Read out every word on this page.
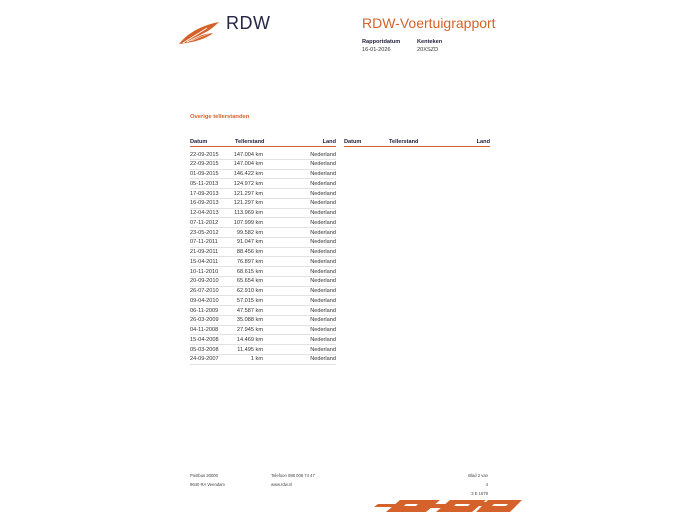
RDW	RDW-Voertuigrapport
Rapportdatum
16-01-2026
Kenteken
20XSZD
Overige tellerstanden
Datum	Tellerstand	Land
22-09-2015	147.004 km	Nederland
22-09-2015	147.004 km	Nederland
01-09-2015	146.422 km	Nederland
05-11-2013	124.972 km	Nederland
17-09-2013	121.297 km	Nederland
16-09-2013	121.297 km	Nederland
12-04-2013	113.969 km	Nederland
07-11-2012	107.999 km	Nederland
23-05-2012	99.582 km	Nederland
07-11-2011	91.047 km	Nederland
21-09-2011	88.456 km	Nederland
15-04-2011	76.897 km	Nederland
10-11-2010	68.615 km	Nederland
20-09-2010	65.654 km	Nederland
26-07-2010	62.910 km	Nederland
09-04-2010	57.015 km	Nederland
06-11-2009	47.587 km	Nederland
26-03-2009	35.088 km	Nederland
04-11-2008	27.945 km	Nederland
15-04-2008	14.469 km	Nederland
05-03-2008	11.495 km	Nederland
24-09-2007	1 km	Nederland
Datum	Tellerstand	Land
Postbus 30000
9640 RA Veendam
Telefoon 088 008 74 47
www.rdw.nl
Blad 2 van 4
3 E 1679
